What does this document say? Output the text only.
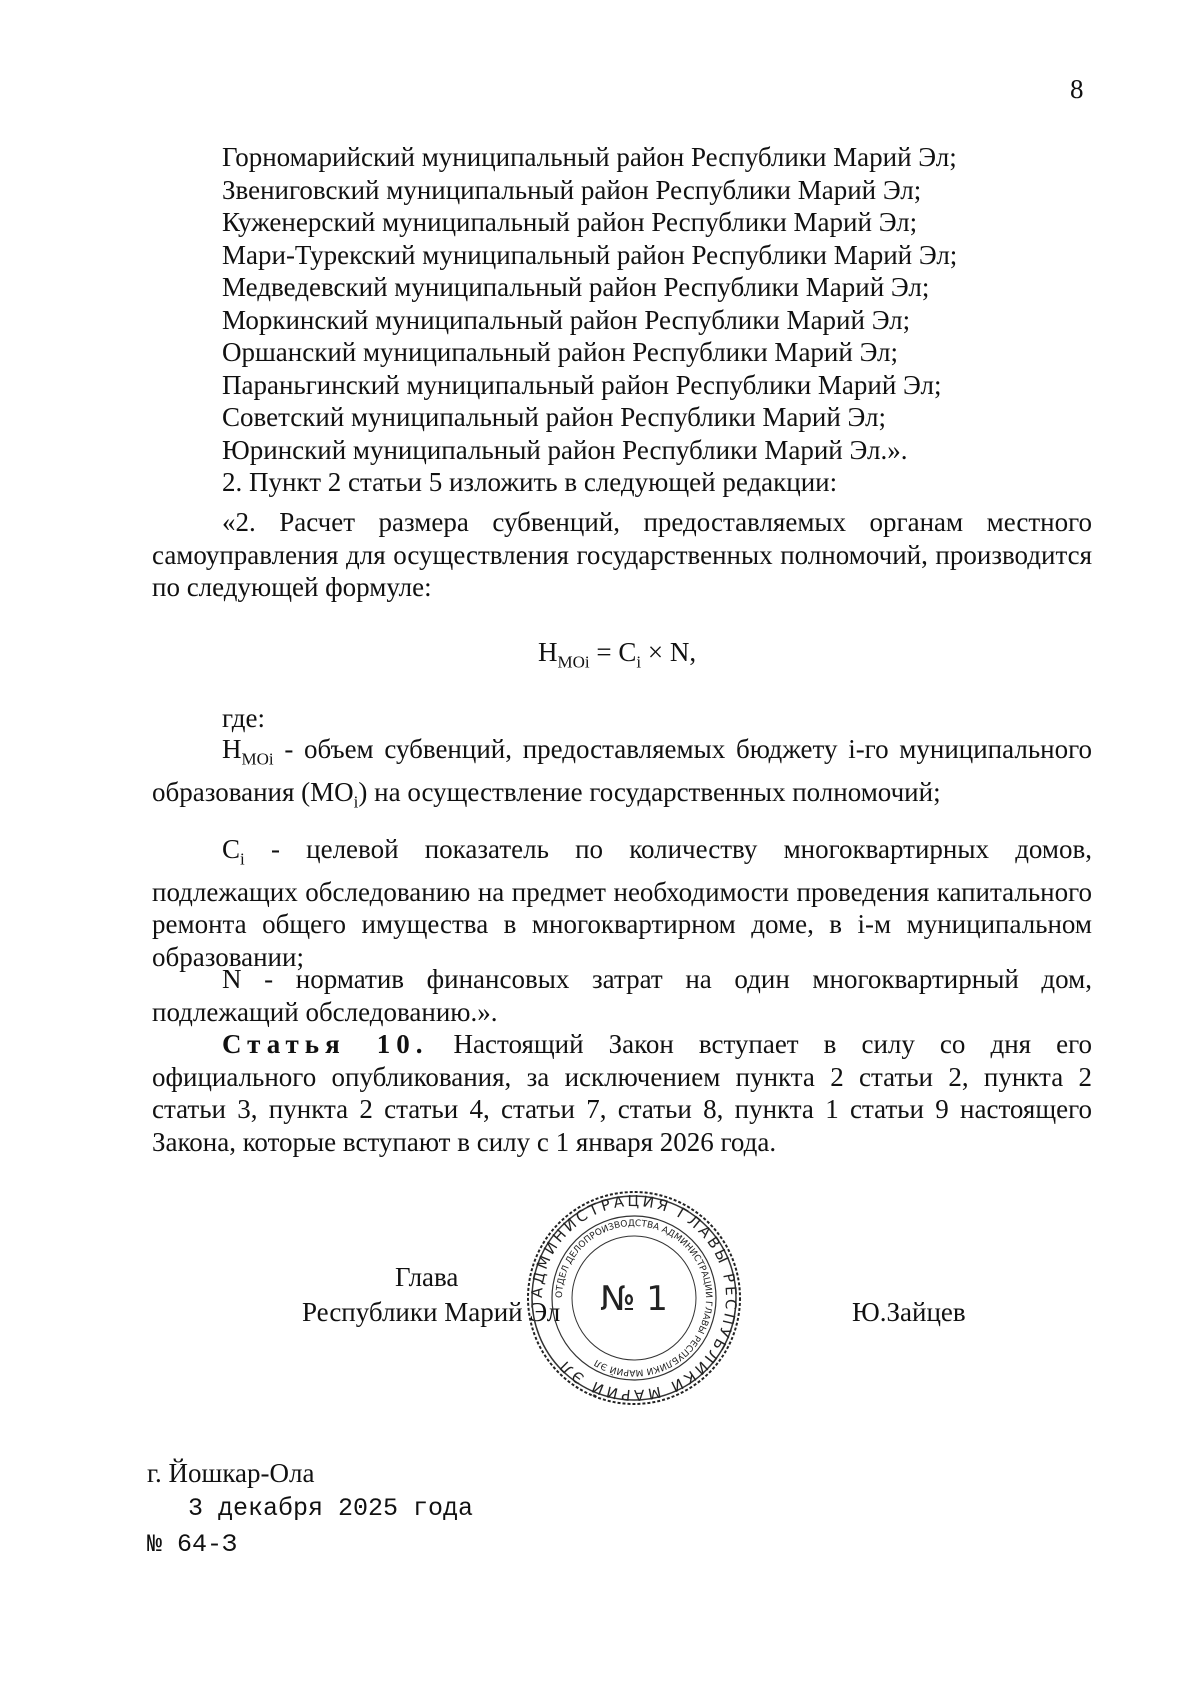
8
Горномарийский муниципальный район Республики Марий Эл;
Звениговский муниципальный район Республики Марий Эл;
Куженерский муниципальный район Республики Марий Эл;
Мари-Турекский муниципальный район Республики Марий Эл;
Медведевский муниципальный район Республики Марий Эл;
Моркинский муниципальный район Республики Марий Эл;
Оршанский муниципальный район Республики Марий Эл;
Параньгинский муниципальный район Республики Марий Эл;
Советский муниципальный район Республики Марий Эл;
Юринский муниципальный район Республики Марий Эл.».
2. Пункт 2 статьи 5 изложить в следующей редакции:
«2. Расчет размера субвенций, предоставляемых органам местного самоуправления для осуществления государственных полномочий, производится по следующей формуле:
$H_{MOi} = C_i \times N$,
где:
$H_{MOi}$ - объем субвенций, предоставляемых бюджету i-го муниципального образования $(MO_i)$ на осуществление государственных полномочий;
$C_i$ - целевой показатель по количеству многоквартирных домов, подлежащих обследованию на предмет необходимости проведения капитального ремонта общего имущества в многоквартирном доме, в i-м муниципальном образовании;
N - норматив финансовых затрат на один многоквартирный дом, подлежащий обследованию.».
Статья 10. Настоящий Закон вступает в силу со дня его официального опубликования, за исключением пункта 2 статьи 2, пункта 2 статьи 3, пункта 2 статьи 4, статьи 7, статьи 8, пункта 1 статьи 9 настоящего Закона, которые вступают в силу с 1 января 2026 года.
Глава
Республики Марий Эл
АДМИНИСТРАЦИЯ ГЛАВЫ РЕСПУБЛИКИ МАРИЙ ЭЛ
ОТДЕЛ ДЕЛОПРОИЗВОДСТВА АДМИНИСТРАЦИИ ГЛАВЫ РЕСПУБЛИКИ МАРИЙ ЭЛ
№ 1	Ю.Зайцев
г. Йошкар-Ола
3 декабря 2025 года
№ 64-З
